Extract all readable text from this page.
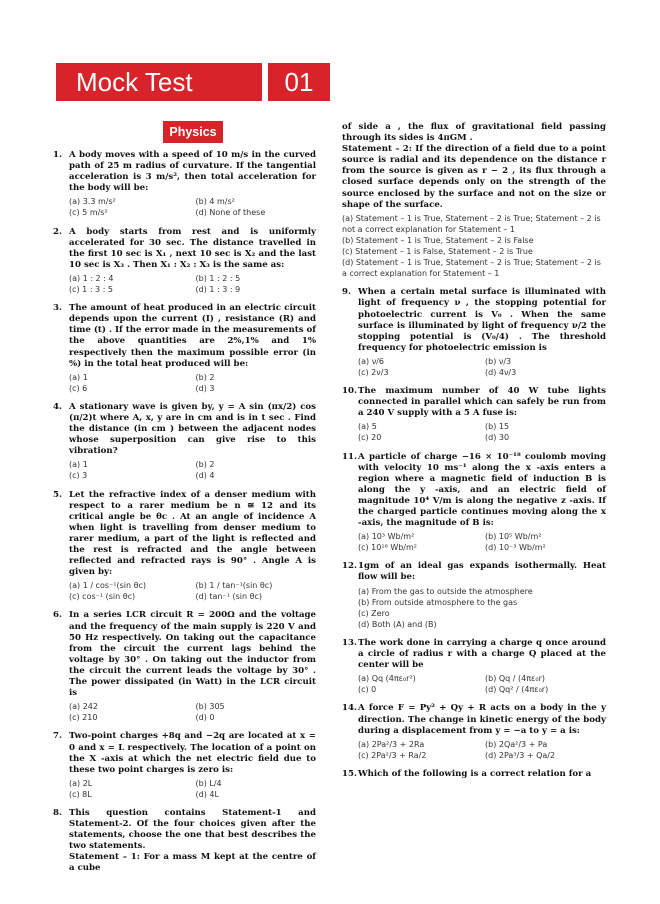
Mock Test	01
Physics
1. A body moves with a speed of 10 m/s in the curved path of 25 m radius of curvature. If the tangential acceleration is 3 m/s², then total acceleration for the body will be:
(a) 3.3 m/s²	(b) 4 m/s²
(c) 5 m/s²	(d) None of these
2. A body starts from rest and is uniformly accelerated for 30 sec. The distance travelled in the first 10 sec is X₁ , next 10 sec is X₂ and the last 10 sec is X₃ . Then X₁ : X₂ : X₃ is the same as:
(a) 1 : 2 : 4	(b) 1 : 2 : 5
(c) 1 : 3 : 5	(d) 1 : 3 : 9
3. The amount of heat produced in an electric circuit depends upon the current (I) , resistance (R) and time (t) . If the error made in the measurements of the above quantities are 2%,1% and 1% respectively then the maximum possible error (in %) in the total heat produced will be:
(a) 1	(b) 2
(c) 6	(d) 3
4. A stationary wave is given by, y = A sin (πx/2) cos (π/2)t where A, x, y are in cm and is in t sec . Find the distance (in cm ) between the adjacent nodes whose superposition can give rise to this vibration?
(a) 1	(b) 2
(c) 3	(d) 4
5. Let the refractive index of a denser medium with respect to a rarer medium be n ≅ 12 and its critical angle be θc . At an angle of incidence A when light is travelling from denser medium to rarer medium, a part of the light is reflected and the rest is refracted and the angle between reflected and refracted rays is 90° . Angle A is given by:
(a) 1 / cos⁻¹(sin θc)	(b) 1 / tan⁻¹(sin θc)
(c) cos⁻¹ (sin θc)	(d) tan⁻¹ (sin θc)
6. In a series LCR circuit R = 200Ω and the voltage and the frequency of the main supply is 220 V and 50 Hz respectively. On taking out the capacitance from the circuit the current lags behind the voltage by 30° . On taking out the inductor from the circuit the current leads the voltage by 30° . The power dissipated (in Watt) in the LCR circuit is
(a) 242	(b) 305
(c) 210	(d) 0
7. Two-point charges +8q and −2q are located at x = 0 and x = L respectively. The location of a point on the X -axis at which the net electric field due to these two point charges is zero is:
(a) 2L	(b) L/4
(c) 8L	(d) 4L
8. This question contains Statement-1 and Statement-2. Of the four choices given after the statements, choose the one that best describes the two statements.
Statement – 1: For a mass M kept at the centre of a cube
of side a , the flux of gravitational field passing through its sides is 4πGM .
Statement – 2: If the direction of a field due to a point source is radial and its dependence on the distance r from the source is given as r − 2 , its flux through a closed surface depends only on the strength of the source enclosed by the surface and not on the size or shape of the surface.
(a) Statement – 1 is True, Statement – 2 is True; Statement – 2 is not a correct explanation for Statement – 1
(b) Statement – 1 is True, Statement – 2 is False
(c) Statement – 1 is False, Statement – 2 is True
(d) Statement – 1 is True, Statement – 2 is True; Statement – 2 is a correct explanation for Statement – 1
9. When a certain metal surface is illuminated with light of frequency ν , the stopping potential for photoelectric current is V₀ . When the same surface is illuminated by light of frequency ν/2 the stopping potential is (V₀/4) . The threshold frequency for photoelectric emission is
(a) ν/6	(b) ν/3
(c) 2ν/3	(d) 4ν/3
10. The maximum number of 40 W tube lights connected in parallel which can safely be run from a 240 V supply with a 5 A fuse is:
(a) 5	(b) 15
(c) 20	(d) 30
11. A particle of charge −16 × 10⁻¹⁸ coulomb moving with velocity 10 ms⁻¹ along the x -axis enters a region where a magnetic field of induction B is along the y -axis, and an electric field of magnitude 10⁴ V/m is along the negative z -axis. If the charged particle continues moving along the x -axis, the magnitude of B is:
(a) 10³ Wb/m²	(b) 10⁵ Wb/m²
(c) 10¹⁶ Wb/m²	(d) 10⁻³ Wb/m²
12. 1gm of an ideal gas expands isothermally. Heat flow will be:
(a) From the gas to outside the atmosphere
(b) From outside atmosphere to the gas
(c) Zero
(d) Both (A) and (B)
13. The work done in carrying a charge q once around a circle of radius r with a charge Q placed at the center will be
(a) Qq (4πε₀r²)	(b) Qq / (4πε₀r)
(c) 0	(d) Qq² / (4πε₀r)
14. A force F = Py² + Qy + R acts on a body in the y direction. The change in kinetic energy of the body during a displacement from y = −a to y = a is:
(a) 2Pa²/3 + 2Ra	(b) 2Qa²/3 + Pa
(c) 2Pa²/3 + Ra/2	(d) 2Pa³/3 + Qa/2
15. Which of the following is a correct relation for a
